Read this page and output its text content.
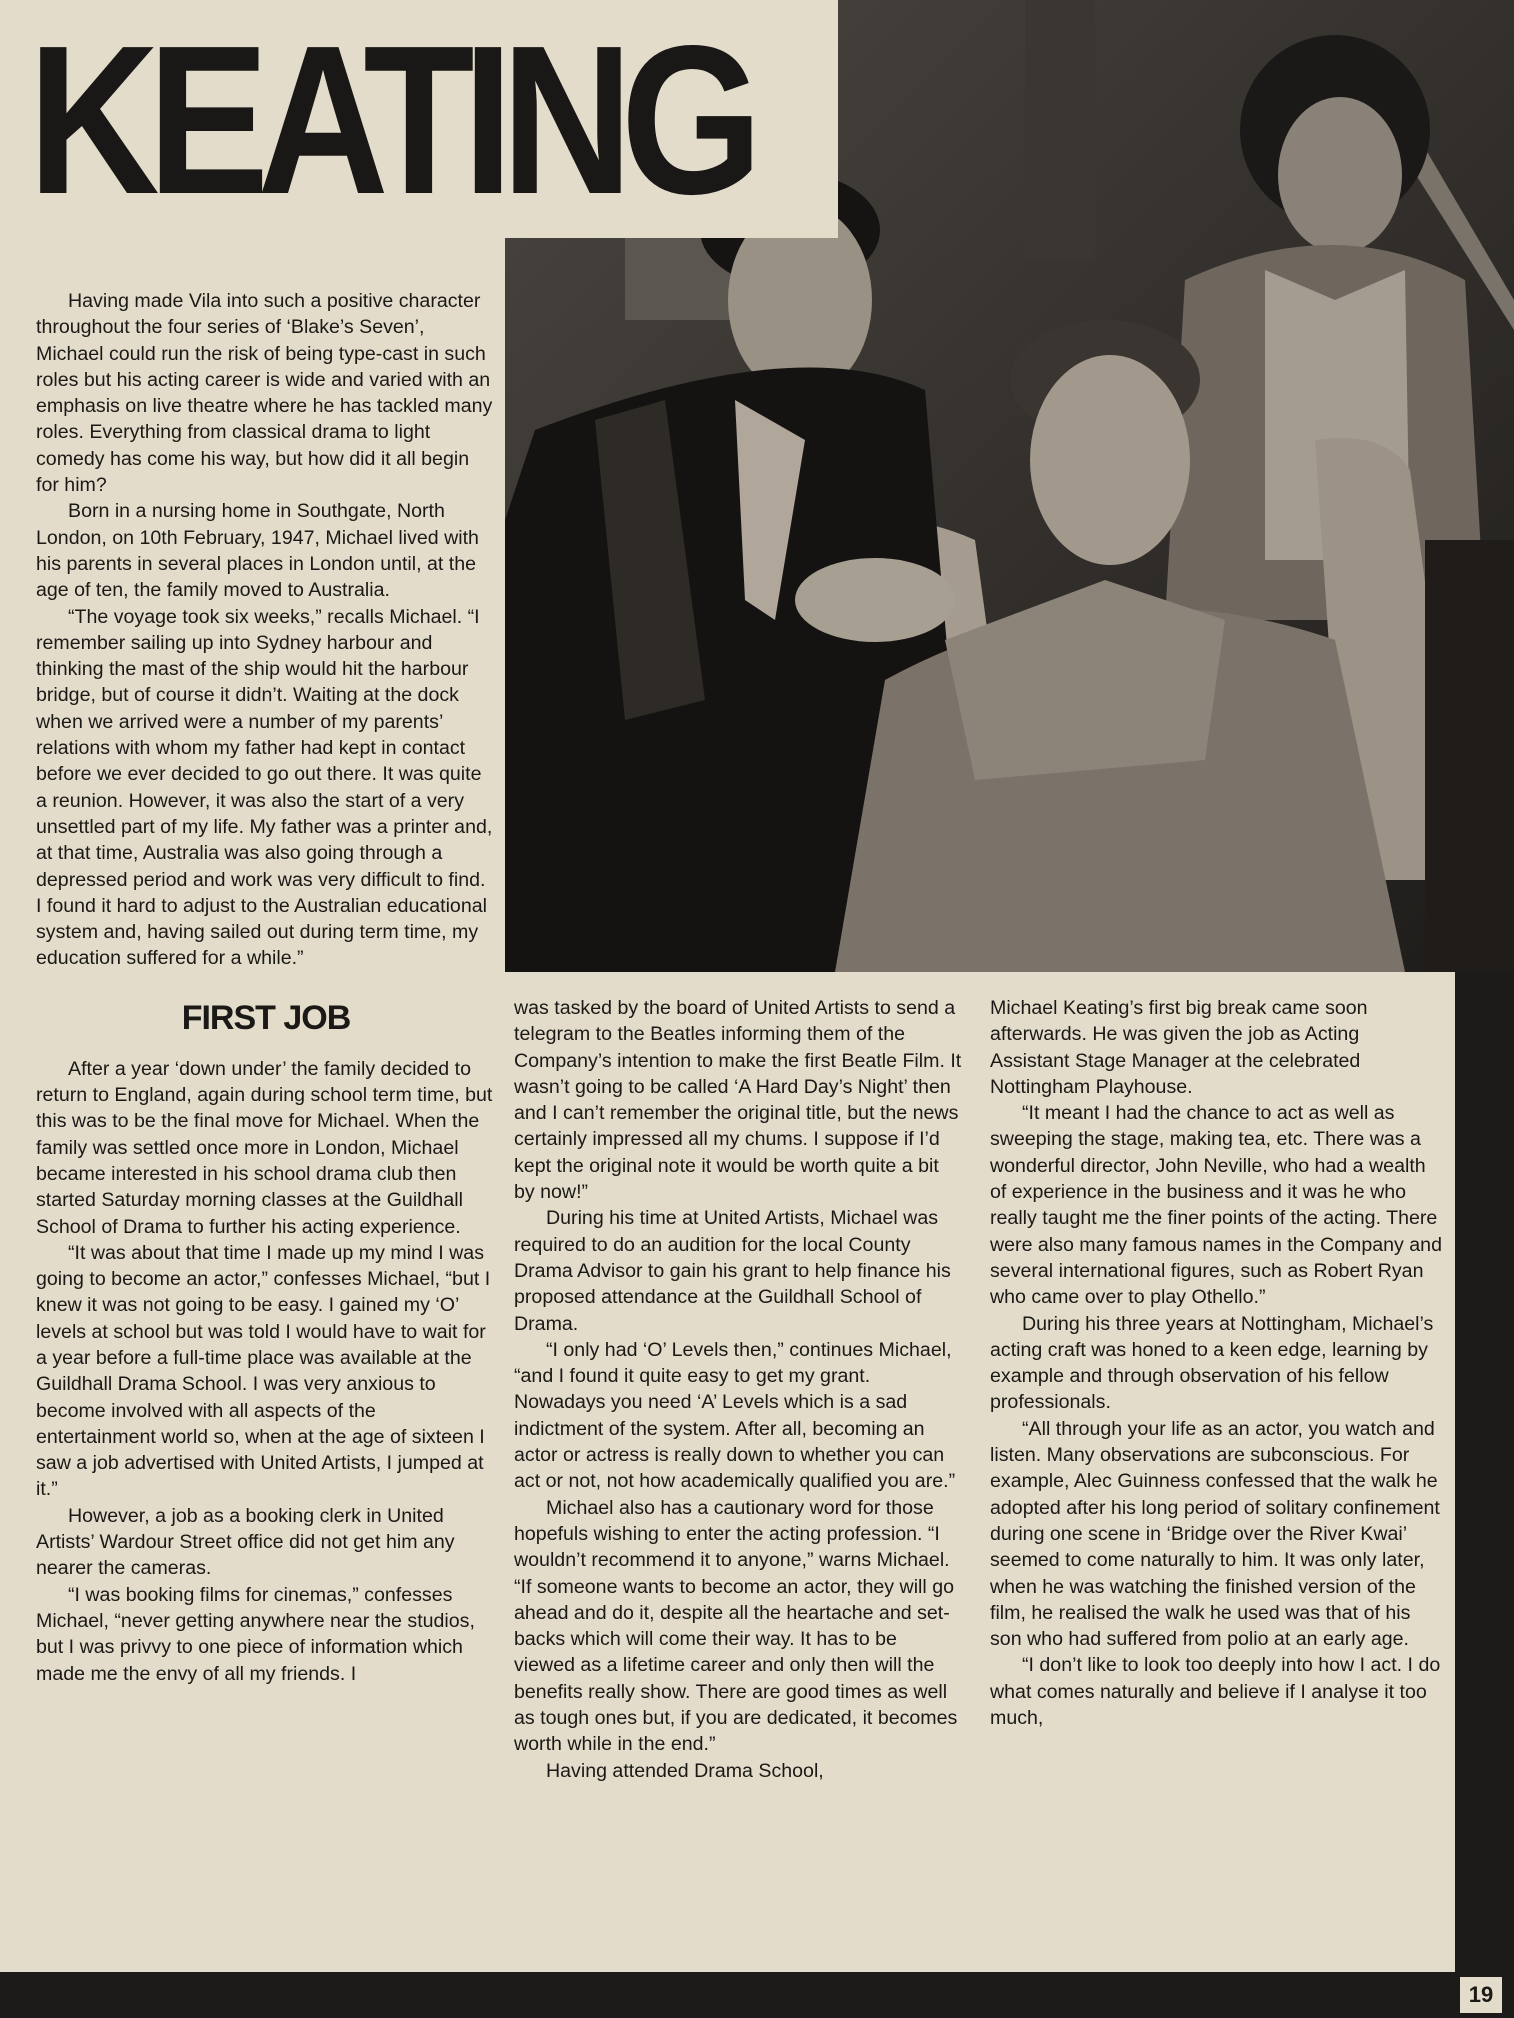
KEATING

Having made Vila into such a positive character throughout the four series of ‘Blake’s Seven’, Michael could run the risk of being type-cast in such roles but his acting career is wide and varied with an emphasis on live theatre where he has tackled many roles. Everything from classical drama to light comedy has come his way, but how did it all begin for him?

Born in a nursing home in Southgate, North London, on 10th February, 1947, Michael lived with his parents in several places in London until, at the age of ten, the family moved to Australia.

“The voyage took six weeks,” recalls Michael. “I remember sailing up into Sydney harbour and thinking the mast of the ship would hit the harbour bridge, but of course it didn’t. Waiting at the dock when we arrived were a number of my parents’ relations with whom my father had kept in contact before we ever decided to go out there. It was quite a reunion. However, it was also the start of a very unsettled part of my life. My father was a printer and, at that time, Australia was also going through a depressed period and work was very difficult to find. I found it hard to adjust to the Australian educational system and, having sailed out during term time, my education suffered for a while.”

FIRST JOB

After a year ‘down under’ the family decided to return to England, again during school term time, but this was to be the final move for Michael. When the family was settled once more in London, Michael became interested in his school drama club then started Saturday morning classes at the Guildhall School of Drama to further his acting experience.

“It was about that time I made up my mind I was going to become an actor,” confesses Michael, “but I knew it was not going to be easy. I gained my ‘O’ levels at school but was told I would have to wait for a year before a full-time place was available at the Guildhall Drama School. I was very anxious to become involved with all aspects of the entertainment world so, when at the age of sixteen I saw a job advertised with United Artists, I jumped at it.”

However, a job as a booking clerk in United Artists’ Wardour Street office did not get him any nearer the cameras.

“I was booking films for cinemas,” confesses Michael, “never getting anywhere near the studios, but I was privvy to one piece of information which made me the envy of all my friends. I

was tasked by the board of United Artists to send a telegram to the Beatles informing them of the Company’s intention to make the first Beatle Film. It wasn’t going to be called ‘A Hard Day’s Night’ then and I can’t remember the original title, but the news certainly impressed all my chums. I suppose if I’d kept the original note it would be worth quite a bit by now!”

During his time at United Artists, Michael was required to do an audition for the local County Drama Advisor to gain his grant to help finance his proposed attendance at the Guildhall School of Drama.

“I only had ‘O’ Levels then,” continues Michael, “and I found it quite easy to get my grant. Nowadays you need ‘A’ Levels which is a sad indictment of the system. After all, becoming an actor or actress is really down to whether you can act or not, not how academically qualified you are.”

Michael also has a cautionary word for those hopefuls wishing to enter the acting profession. “I wouldn’t recommend it to anyone,” warns Michael. “If someone wants to become an actor, they will go ahead and do it, despite all the heartache and set-backs which will come their way. It has to be viewed as a lifetime career and only then will the benefits really show. There are good times as well as tough ones but, if you are dedicated, it becomes worth while in the end.”

Having attended Drama School,

Michael Keating’s first big break came soon afterwards. He was given the job as Acting Assistant Stage Manager at the celebrated Nottingham Playhouse.

“It meant I had the chance to act as well as sweeping the stage, making tea, etc. There was a wonderful director, John Neville, who had a wealth of experience in the business and it was he who really taught me the finer points of the acting. There were also many famous names in the Company and several international figures, such as Robert Ryan who came over to play Othello.”

During his three years at Nottingham, Michael’s acting craft was honed to a keen edge, learning by example and through observation of his fellow professionals.

“All through your life as an actor, you watch and listen. Many observations are subconscious. For example, Alec Guinness confessed that the walk he adopted after his long period of solitary confinement during one scene in ‘Bridge over the River Kwai’ seemed to come naturally to him. It was only later, when he was watching the finished version of the film, he realised the walk he used was that of his son who had suffered from polio at an early age.

“I don’t like to look too deeply into how I act. I do what comes naturally and believe if I analyse it too much,

19
